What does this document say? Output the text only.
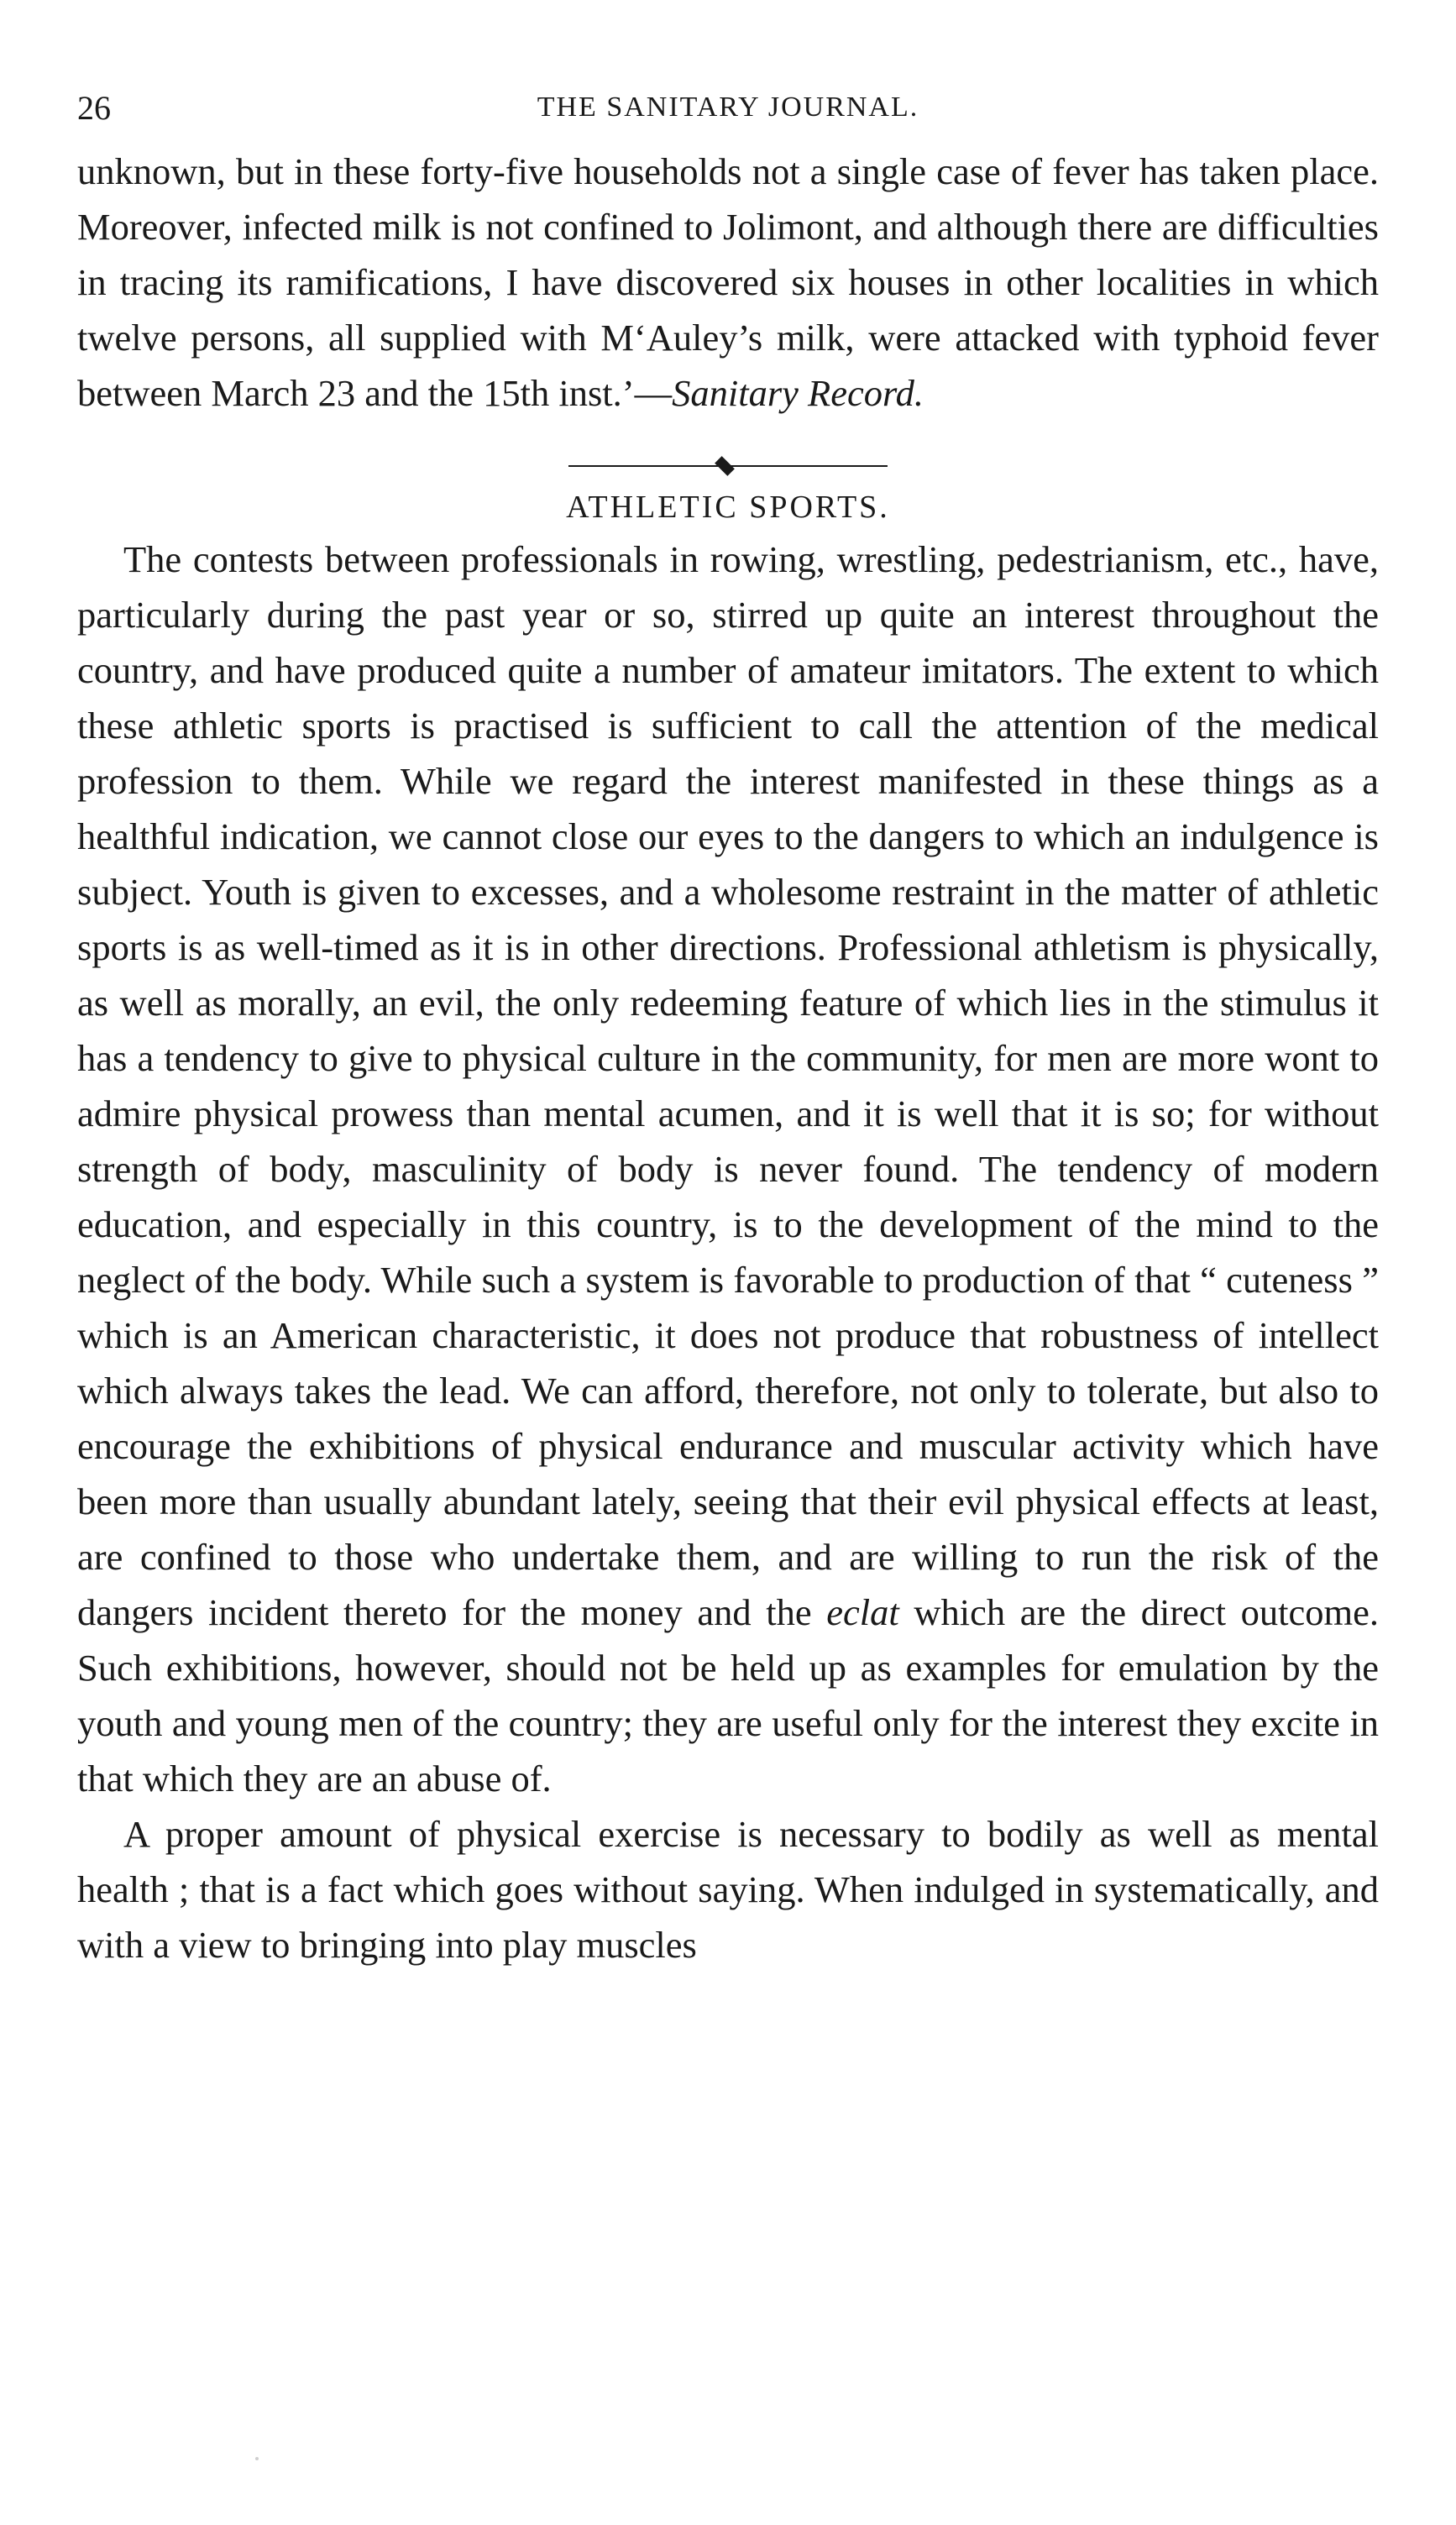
26	THE SANITARY JOURNAL.

unknown, but in these forty-five households not a single case of fever has taken place. Moreover, infected milk is not confined to Jolimont, and although there are difficulties in tracing its ramifications, I have discovered six houses in other localities in which twelve persons, all supplied with M‘Auley’s milk, were attacked with typhoid fever between March 23 and the 15th inst.’—Sanitary Record.

ATHLETIC SPORTS.

The contests between professionals in rowing, wrestling, pedestrianism, etc., have, particularly during the past year or so, stirred up quite an interest throughout the country, and have produced quite a number of amateur imitators. The extent to which these athletic sports is practised is sufficient to call the attention of the medical profession to them. While we regard the interest manifested in these things as a healthful indication, we cannot close our eyes to the dangers to which an indulgence is subject. Youth is given to excesses, and a wholesome restraint in the matter of athletic sports is as well-timed as it is in other directions. Professional athletism is physically, as well as morally, an evil, the only redeeming feature of which lies in the stimulus it has a tendency to give to physical culture in the community, for men are more wont to admire physical prowess than mental acumen, and it is well that it is so; for without strength of body, masculinity of body is never found. The tendency of modern education, and especially in this country, is to the development of the mind to the neglect of the body. While such a system is favorable to production of that “ cuteness ” which is an American characteristic, it does not produce that robustness of intellect which always takes the lead. We can afford, therefore, not only to tolerate, but also to encourage the exhibitions of physical endurance and muscular activity which have been more than usually abundant lately, seeing that their evil physical effects at least, are confined to those who undertake them, and are willing to run the risk of the dangers incident thereto for the money and the eclat which are the direct outcome. Such exhibitions, however, should not be held up as examples for emulation by the youth and young men of the country; they are useful only for the interest they excite in that which they are an abuse of.

A proper amount of physical exercise is necessary to bodily as well as mental health ; that is a fact which goes without saying. When indulged in systematically, and with a view to bringing into play muscles
